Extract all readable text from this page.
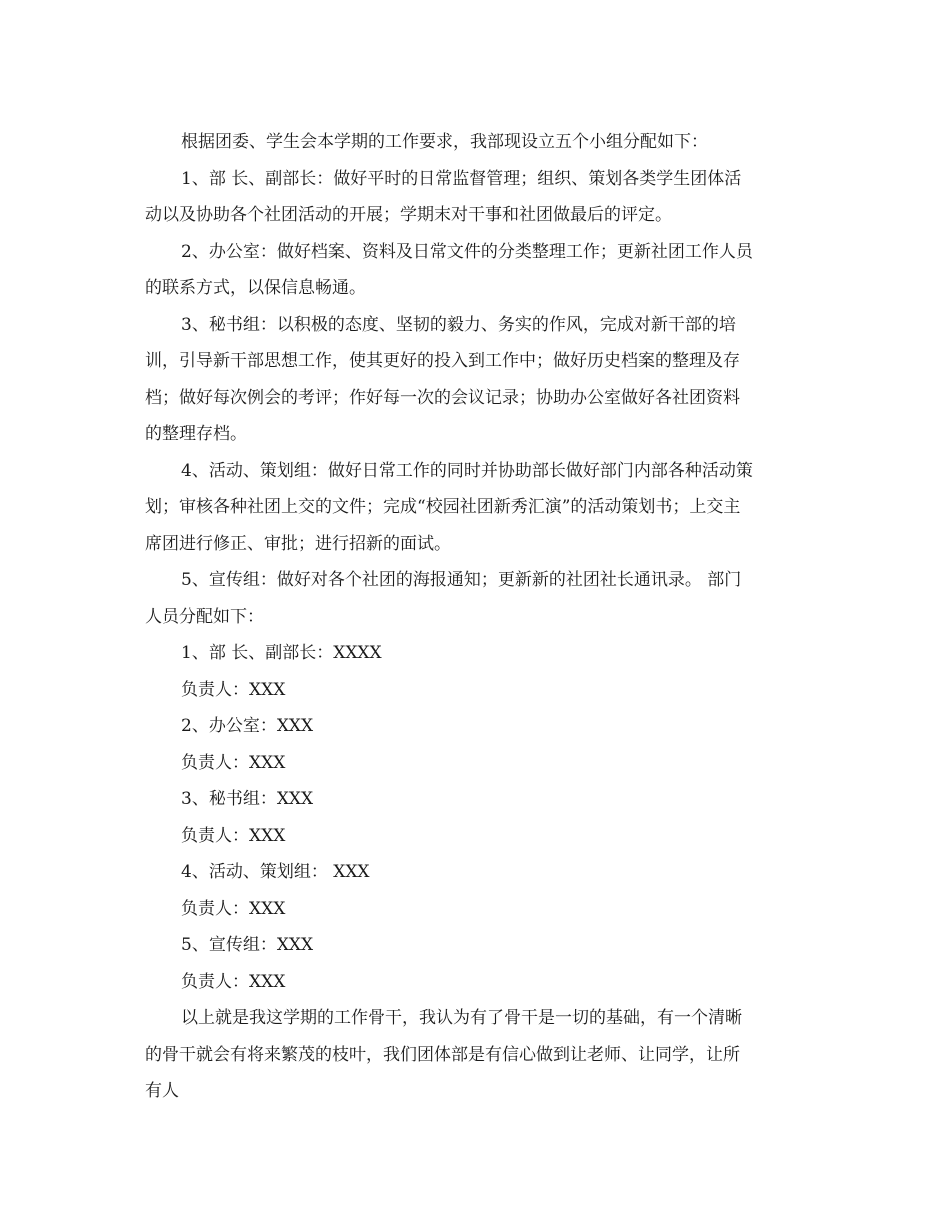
根据团委、学生会本学期的工作要求，我部现设立五个小组分配如下：

1、部 长、副部长：做好平时的日常监督管理；组织、策划各类学生团体活

动以及协助各个社团活动的开展；学期末对干事和社团做最后的评定。

2、办公室：做好档案、资料及日常文件的分类整理工作；更新社团工作人员

的联系方式，以保信息畅通。

3、秘书组：以积极的态度、坚韧的毅力、务实的作风，完成对新干部的培

训，引导新干部思想工作，使其更好的投入到工作中；做好历史档案的整理及存

档；做好每次例会的考评；作好每一次的会议记录；协助办公室做好各社团资料

的整理存档。

4、活动、策划组：做好日常工作的同时并协助部长做好部门内部各种活动策

划；审核各种社团上交的文件；完成“校园社团新秀汇演”的活动策划书；上交主

席团进行修正、审批；进行招新的面试。

5、宣传组：做好对各个社团的海报通知；更新新的社团社长通讯录。 部门

人员分配如下：

1、部 长、副部长：XXXX

负责人：XXX

2、办公室：XXX

负责人：XXX

3、秘书组：XXX

负责人：XXX

4、活动、策划组： XXX

负责人：XXX

5、宣传组：XXX

负责人：XXX

以上就是我这学期的工作骨干，我认为有了骨干是一切的基础，有一个清晰

的骨干就会有将来繁茂的枝叶，我们团体部是有信心做到让老师、让同学，让所

有人
